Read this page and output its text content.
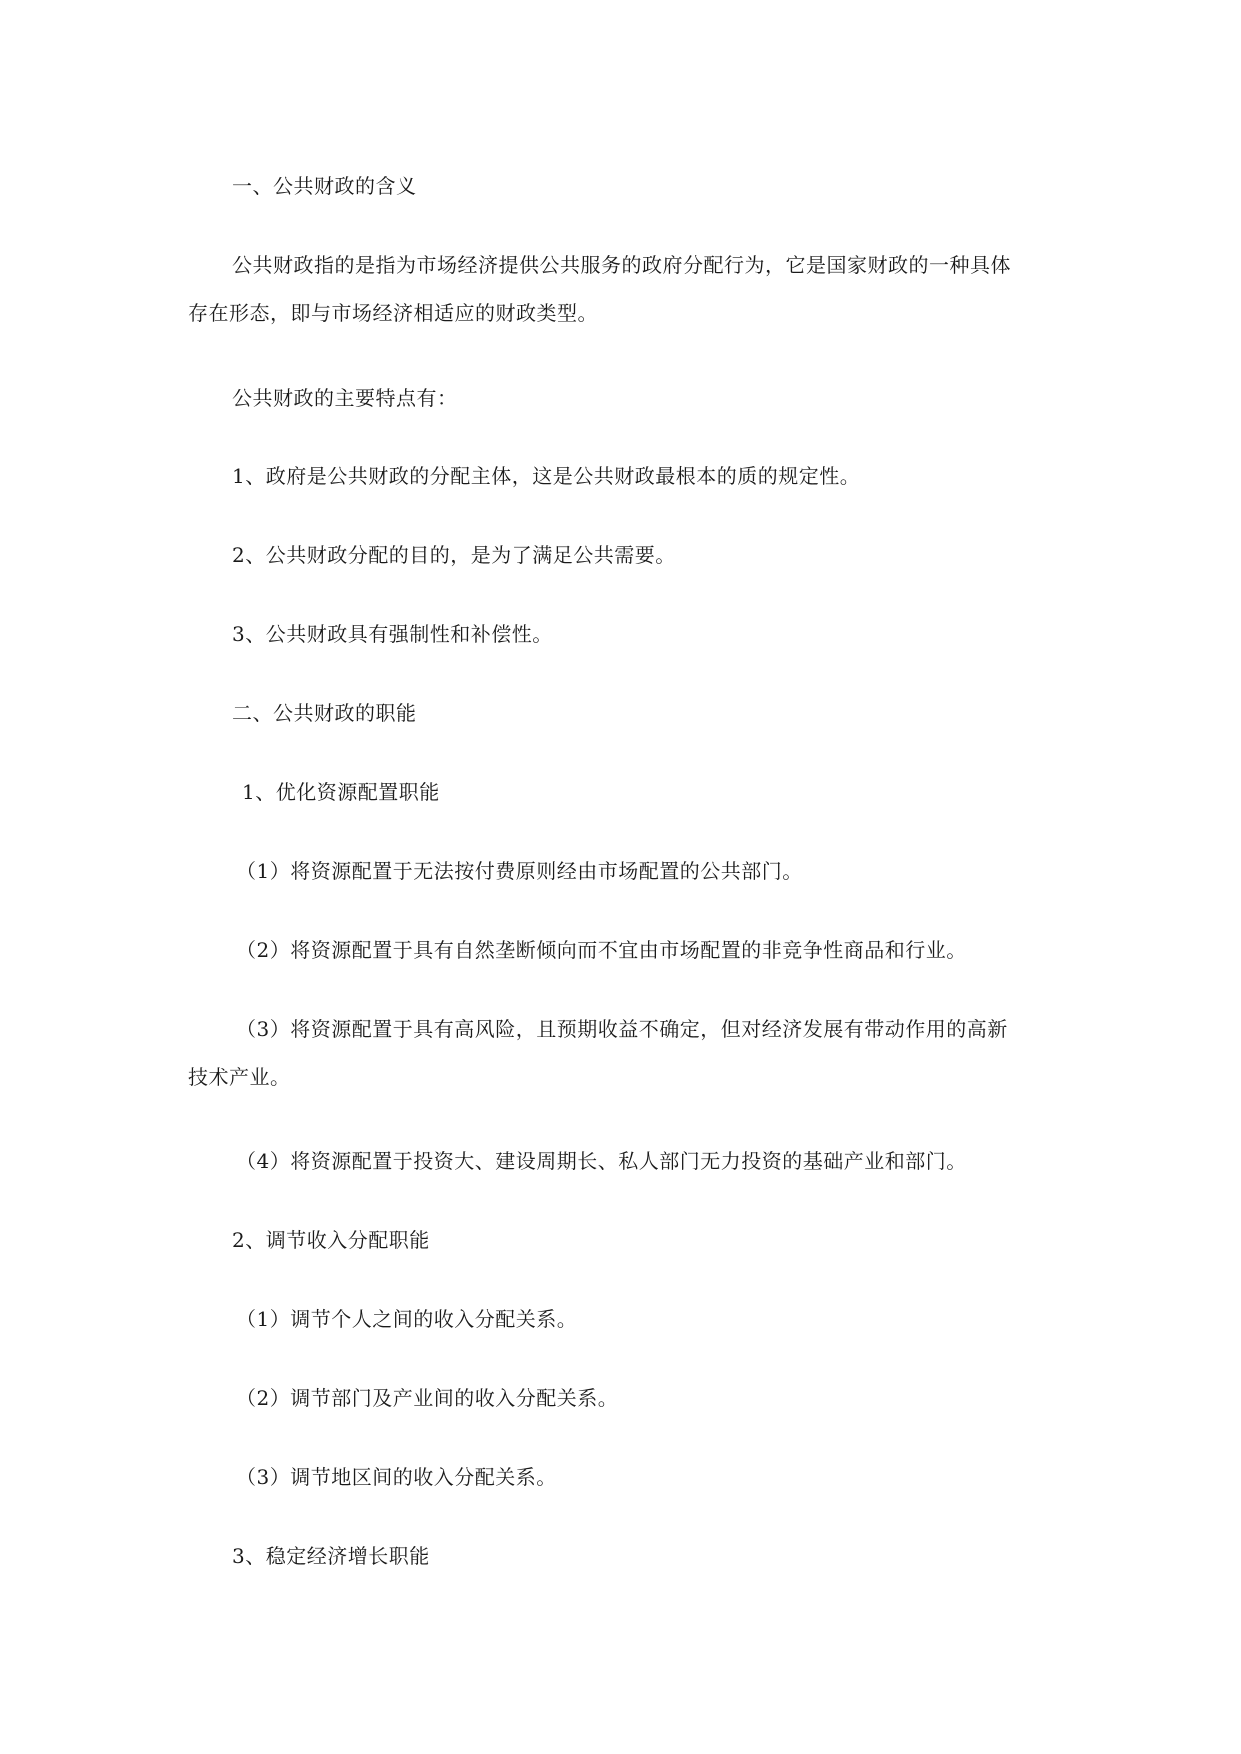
一、公共财政的含义
公共财政指的是指为市场经济提供公共服务的政府分配行为，它是国家财政的一种具体
存在形态，即与市场经济相适应的财政类型。
公共财政的主要特点有：
1、政府是公共财政的分配主体，这是公共财政最根本的质的规定性。
2、公共财政分配的目的，是为了满足公共需要。
3、公共财政具有强制性和补偿性。
二、公共财政的职能
1、优化资源配置职能
（1）将资源配置于无法按付费原则经由市场配置的公共部门。
（2）将资源配置于具有自然垄断倾向而不宜由市场配置的非竞争性商品和行业。
（3）将资源配置于具有高风险，且预期收益不确定，但对经济发展有带动作用的高新
技术产业。
（4）将资源配置于投资大、建设周期长、私人部门无力投资的基础产业和部门。
2、调节收入分配职能
（1）调节个人之间的收入分配关系。
（2）调节部门及产业间的收入分配关系。
（3）调节地区间的收入分配关系。
3、稳定经济增长职能
